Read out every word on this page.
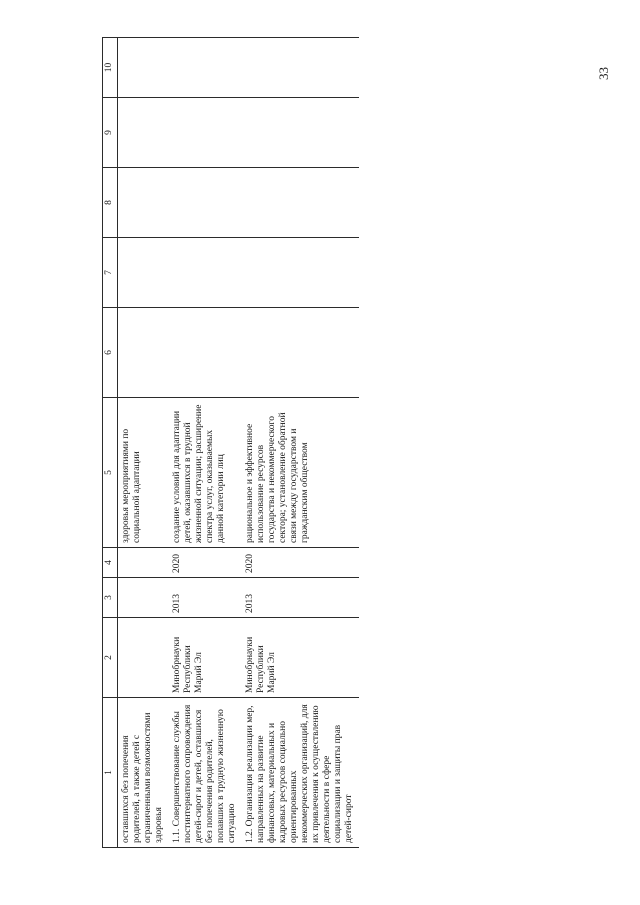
33
1	2	3	4	5	6	7	8	9	10
оставшихся без попечения родителей, а также детей с ограниченными возможностями здоровья				здоровья мероприятиями по социальной адаптации					
1.1. Совершенствование службы постинтернатного сопровождения детей-сирот и детей, оставшихся без попечения родителей, попавших в трудную жизненную ситуацию	Минобрнауки Республики Марий Эл	2013	2020	создание условий для адаптации детей, оказавшихся в трудной жизненной ситуации; расширение спектра услуг, оказываемых данной категории лиц					
1.2. Организация реализации мер, направленных на развитие финансовых, материальных и кадровых ресурсов социально ориентированных некоммерческих организаций, для их привлечения к осуществлению деятельности в сфере социализации и защиты прав детей-сирот	Минобрнауки Республики Марий Эл	2013	2020	рациональное и эффективное использование ресурсов государства и некоммерческого сектора; установление обратной связи между государством и гражданским обществом					
